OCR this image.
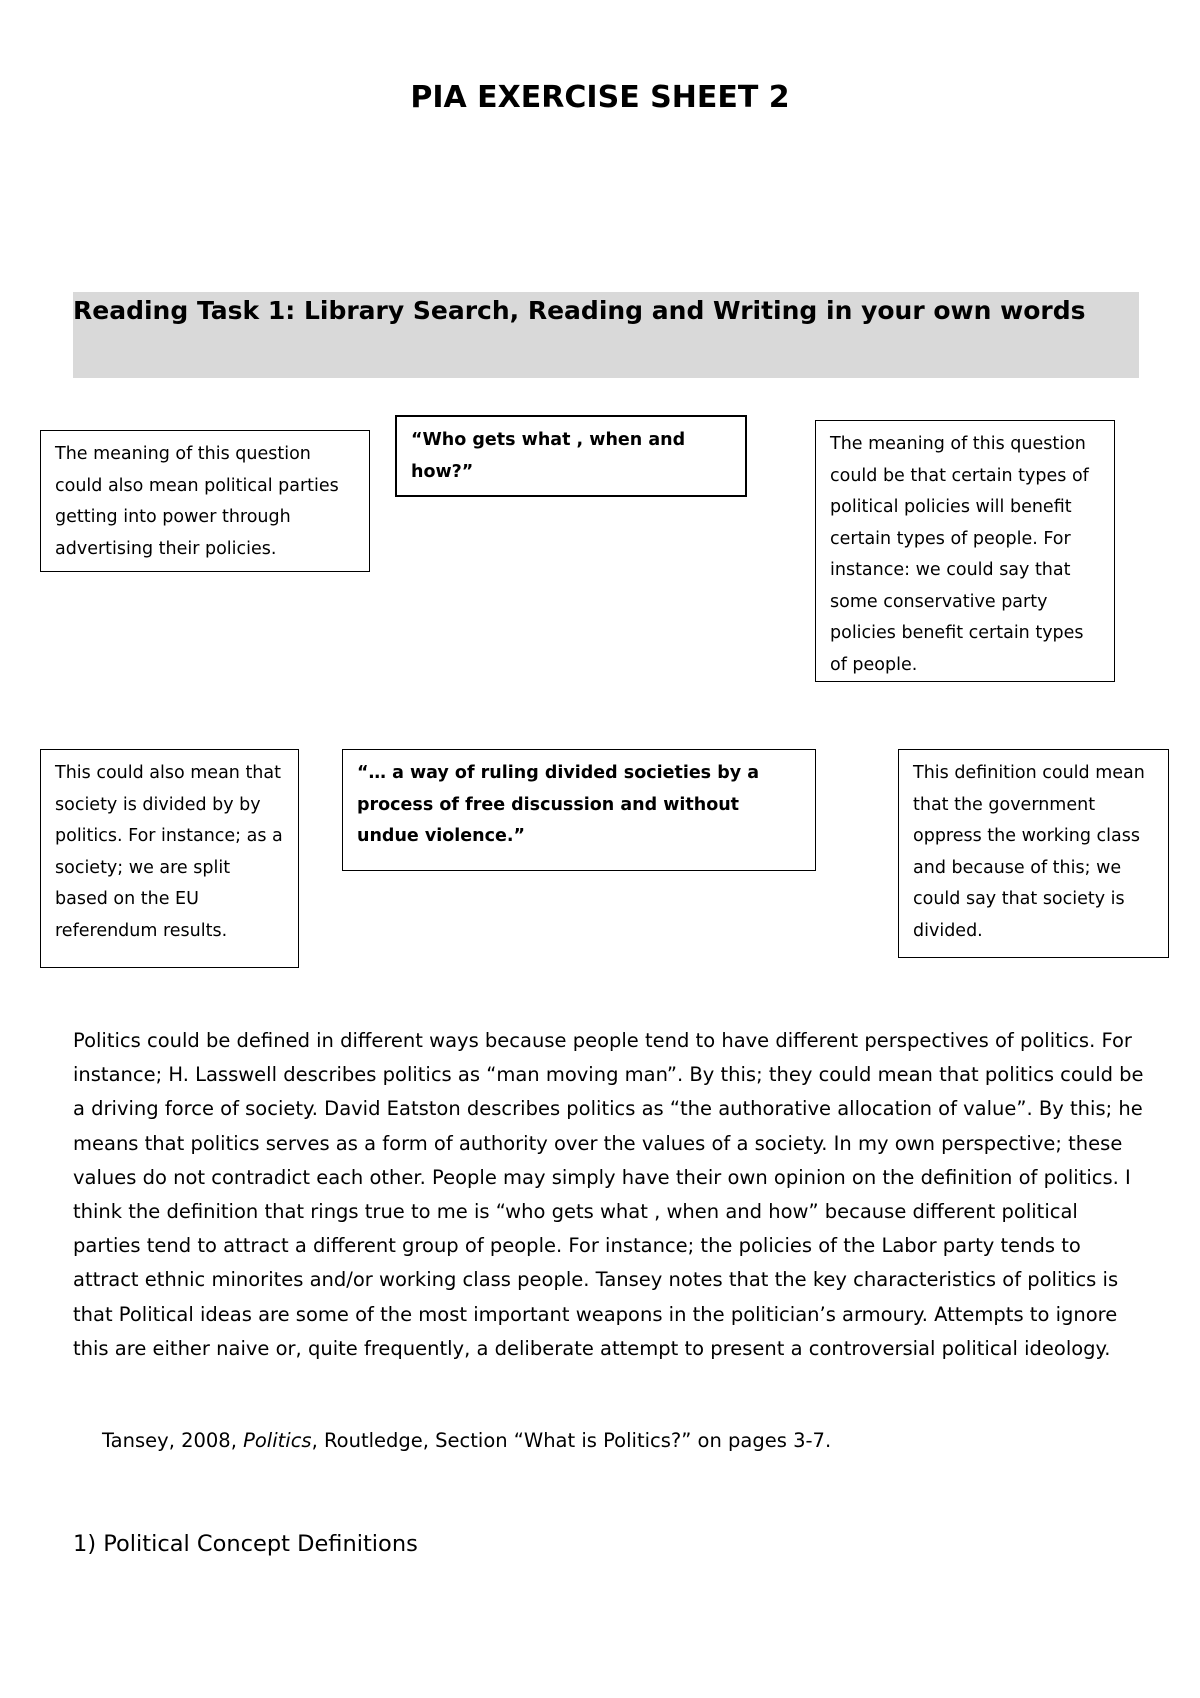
PIA EXERCISE SHEET 2
Reading Task 1: Library Search, Reading and Writing in your own words
The meaning of this question could also mean political parties getting into power through advertising their policies.
“Who gets what , when and how?”
The meaning of this question could be that certain types of political policies will benefit certain types of people. For instance: we could say that some conservative party policies benefit certain types of people.
This could also mean that society is divided by by politics. For instance; as a society; we are split based on the EU referendum results.
“… a way of ruling divided societies by a process of free discussion and without undue violence.”
This definition could mean that the government oppress the working class and because of this; we could say that society is divided.
Politics could be defined in different ways because people tend to have different perspectives of politics. For instance; H. Lasswell describes politics as “man moving man”. By this; they could mean that politics could be a driving force of society. David Eatston describes politics as “the authorative allocation of value”. By this; he means that politics serves as a form of authority over the values of a society. In my own perspective; these values do not contradict each other. People may simply have their own opinion on the definition of politics. I think the definition that rings true to me is “who gets what , when and how” because different political parties tend to attract a different group of people. For instance; the policies of the Labor party tends to attract ethnic minorites and/or working class people. Tansey notes that the key characteristics of politics is that Political ideas are some of the most important weapons in the politician’s armoury. Attempts to ignore this are either naive or, quite frequently, a deliberate attempt to present a controversial political ideology.
Tansey, 2008, Politics, Routledge, Section “What is Politics?” on pages 3-7.
1) Political Concept Definitions
